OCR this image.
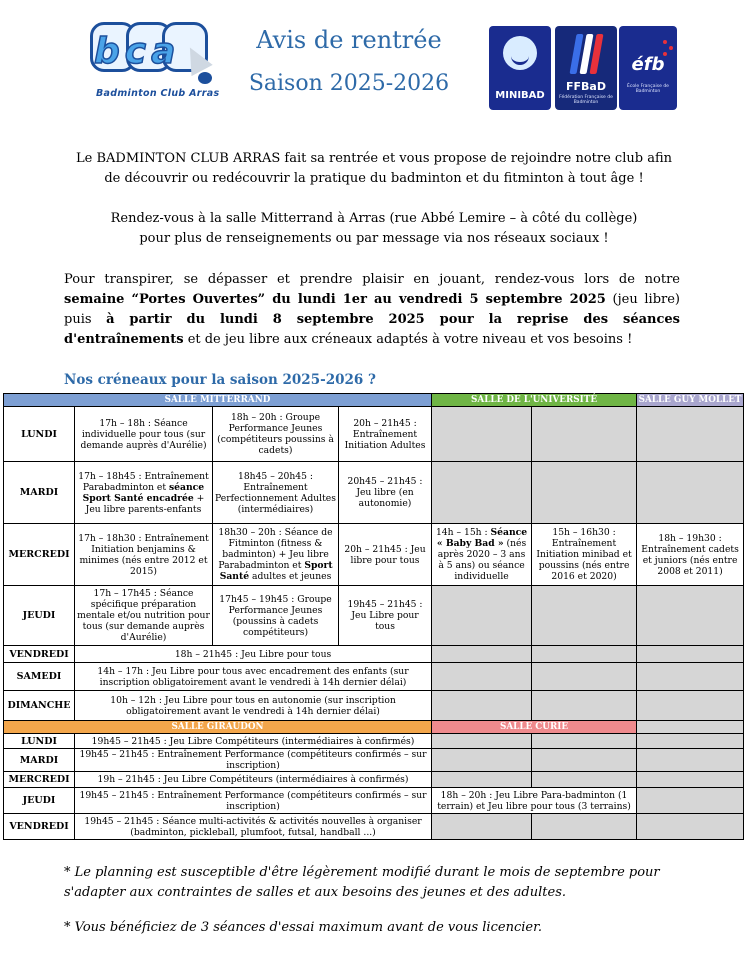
bca
Badminton Club Arras
Avis de rentrée
Saison 2025-2026	MINIBAD
FFBaD
Fédération Française de Badminton
éfb
École Française de Badminton
Le BADMINTON CLUB ARRAS fait sa rentrée et vous propose de rejoindre notre club afin
de découvrir ou redécouvrir la pratique du badminton et du fitminton à tout âge !
Rendez-vous à la salle Mitterrand à Arras (rue Abbé Lemire – à côté du collège)
pour plus de renseignements ou par message via nos réseaux sociaux !
Pour transpirer, se dépasser et prendre plaisir en jouant, rendez-vous lors de notre
semaine “Portes Ouvertes” du lundi 1er au vendredi 5 septembre 2025 (jeu libre)
puis à partir du lundi 8 septembre 2025 pour la reprise des séances
d'entraînements et de jeu libre aux créneaux adaptés à votre niveau et vos besoins !
Nos créneaux pour la saison 2025-2026 ?
SALLE MITTERRAND				SALLE DE L'UNIVERSITÉ		SALLE GUY MOLLET
LUNDI	17h – 18h : Séance individuelle pour tous (sur demande auprès d'Aurélie)	18h – 20h : Groupe Performance Jeunes (compétiteurs poussins à cadets)	20h – 21h45 : Entraînement Initiation Adultes			
MARDI	17h – 18h45 : Entraînement Parabadminton et séance Sport Santé encadrée + Jeu libre parents-enfants	18h45 – 20h45 : Entraînement Perfectionnement Adultes (intermédiaires)	20h45 – 21h45 : Jeu libre (en autonomie)			
MERCREDI	17h – 18h30 : Entraînement Initiation benjamins & minimes (nés entre 2012 et 2015)	18h30 – 20h : Séance de Fitminton (fitness & badminton) + Jeu libre Parabadminton et Sport Santé adultes et jeunes	20h – 21h45 : Jeu libre pour tous	14h – 15h : Séance « Baby Bad » (nés après 2020 – 3 ans à 5 ans) ou séance individuelle	15h – 16h30 : Entraînement Initiation minibad et poussins (nés entre 2016 et 2020)	18h – 19h30 : Entraînement cadets et juniors (nés entre 2008 et 2011)
JEUDI	17h – 17h45 : Séance spécifique préparation mentale et/ou nutrition pour tous (sur demande auprès d'Aurélie)	17h45 – 19h45 : Groupe Performance Jeunes (poussins à cadets compétiteurs)	19h45 – 21h45 : Jeu Libre pour tous			
VENDREDI	18h – 21h45 : Jeu Libre pour tous					
SAMEDI	14h – 17h : Jeu Libre pour tous avec encadrement des enfants (sur inscription obligatoirement avant le vendredi à 14h dernier délai)					
DIMANCHE	10h – 12h : Jeu Libre pour tous en autonomie (sur inscription obligatoirement avant le vendredi à 14h dernier délai)					
SALLE GIRAUDON				SALLE CURIE		
LUNDI	19h45 – 21h45 : Jeu Libre Compétiteurs (intermédiaires à confirmés)					
MARDI	19h45 – 21h45 : Entraînement Performance (compétiteurs confirmés – sur inscription)					
MERCREDI	19h – 21h45 : Jeu Libre Compétiteurs (intermédiaires à confirmés)					
JEUDI	19h45 – 21h45 : Entraînement Performance (compétiteurs confirmés – sur inscription)			18h – 20h : Jeu Libre Para-badminton (1 terrain) et Jeu libre pour tous (3 terrains)		
VENDREDI	19h45 – 21h45 : Séance multi-activités & activités nouvelles à organiser (badminton, pickleball, plumfoot, futsal, handball ...)					
* Le planning est susceptible d'être légèrement modifié durant le mois de septembre pour s'adapter aux contraintes de salles et aux besoins des jeunes et des adultes.
* Vous bénéficiez de 3 séances d'essai maximum avant de vous licencier.
